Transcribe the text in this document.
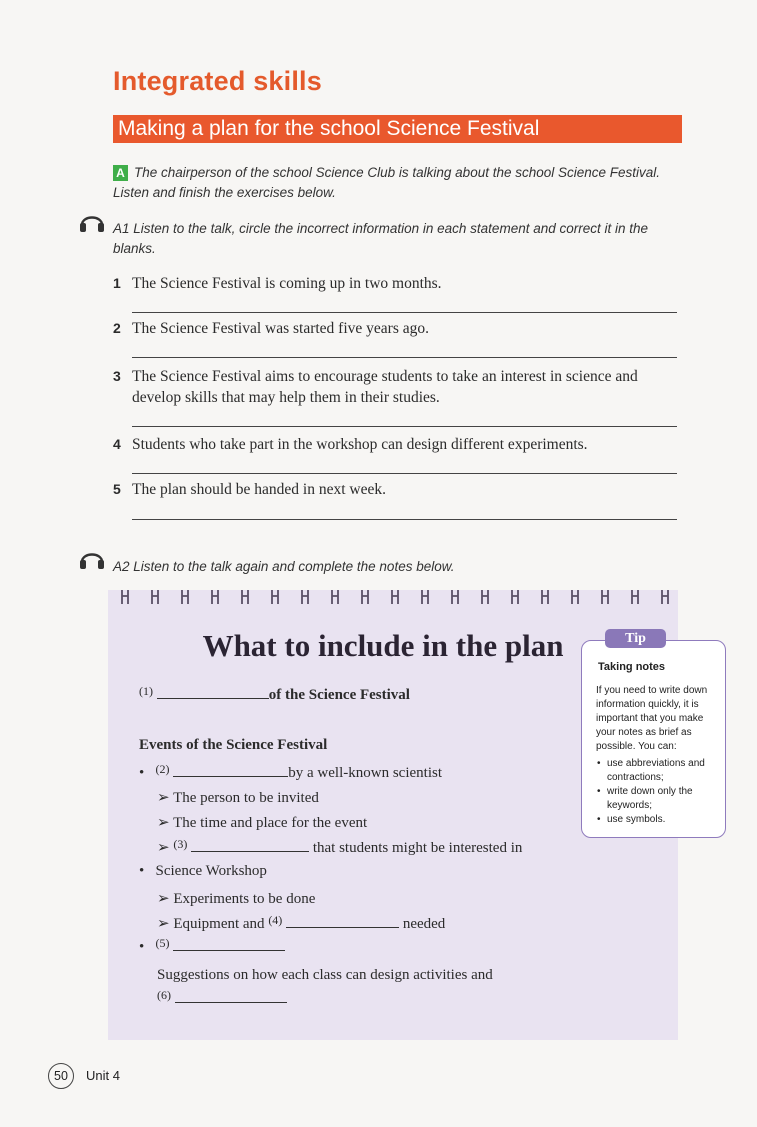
Integrated skills
Making a plan for the school Science Festival
A The chairperson of the school Science Club is talking about the school Science Festival.
Listen and finish the exercises below.
A1 Listen to the talk, circle the incorrect information in each statement and correct it in the
blanks.
1 The Science Festival is coming up in two months.
2 The Science Festival was started five years ago.
3 The Science Festival aims to encourage students to take an interest in science and develop skills that may help them in their studies.
4 Students who take part in the workshop can design different experiments.
5 The plan should be handed in next week.
A2 Listen to the talk again and complete the notes below.
What to include in the plan
$^{(1)}$	of the Science Festival
Events of the Science Festival
• $^{(2)}$	by a well-known scientist
➢ The person to be invited
➢ The time and place for the event
➢ $^{(3)}$	that students might be interested in
• Science Workshop
➢ Experiments to be done
➢ Equipment and $^{(4)}$	needed
• $^{(5)}$
Suggestions on how each class can design activities and
$^{(6)}$
Tip
Taking notes
If you need to write down information quickly, it is important that you make your notes as brief as possible. You can:
• use abbreviations and contractions;
• write down only the keywords;
• use symbols.
50	Unit 4
